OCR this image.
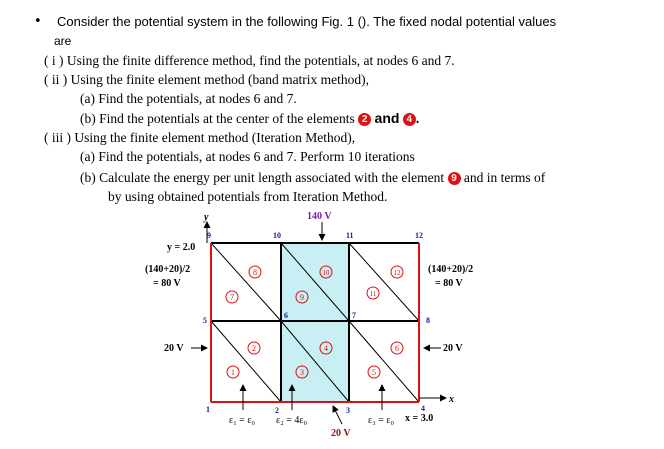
• Consider the potential system in the following Fig. 1 (). The fixed nodal potential values
are
( i ) Using the finite difference method, find the potentials, at nodes 6 and 7.
( ii ) Using the finite element method (band matrix method),
(a) Find the potentials, at nodes 6 and 7.
(b) Find the potentials at the center of the elements 2 and 4 .
( iii ) Using the finite element method (Iteration Method),
(a) Find the potentials, at nodes 6 and 7. Perform 10 iterations
(b) Calculate the energy per unit length associated with the element 9 and in terms of
by using obtained potentials from Iteration Method.
140 V
y
y = 2.0
(140+20)/2
= 80 V
(140+20)/2
= 80 V
20 V	20 V
20 V
x
x = 3.0
ε₁ = ε₀ ε₂ = 4ε₀	ε₃ = ε₀
1	2	3	4
5
6	7
8
9	10	11	12
1
2
3
4
5
6
7
8
9
10
11
12
